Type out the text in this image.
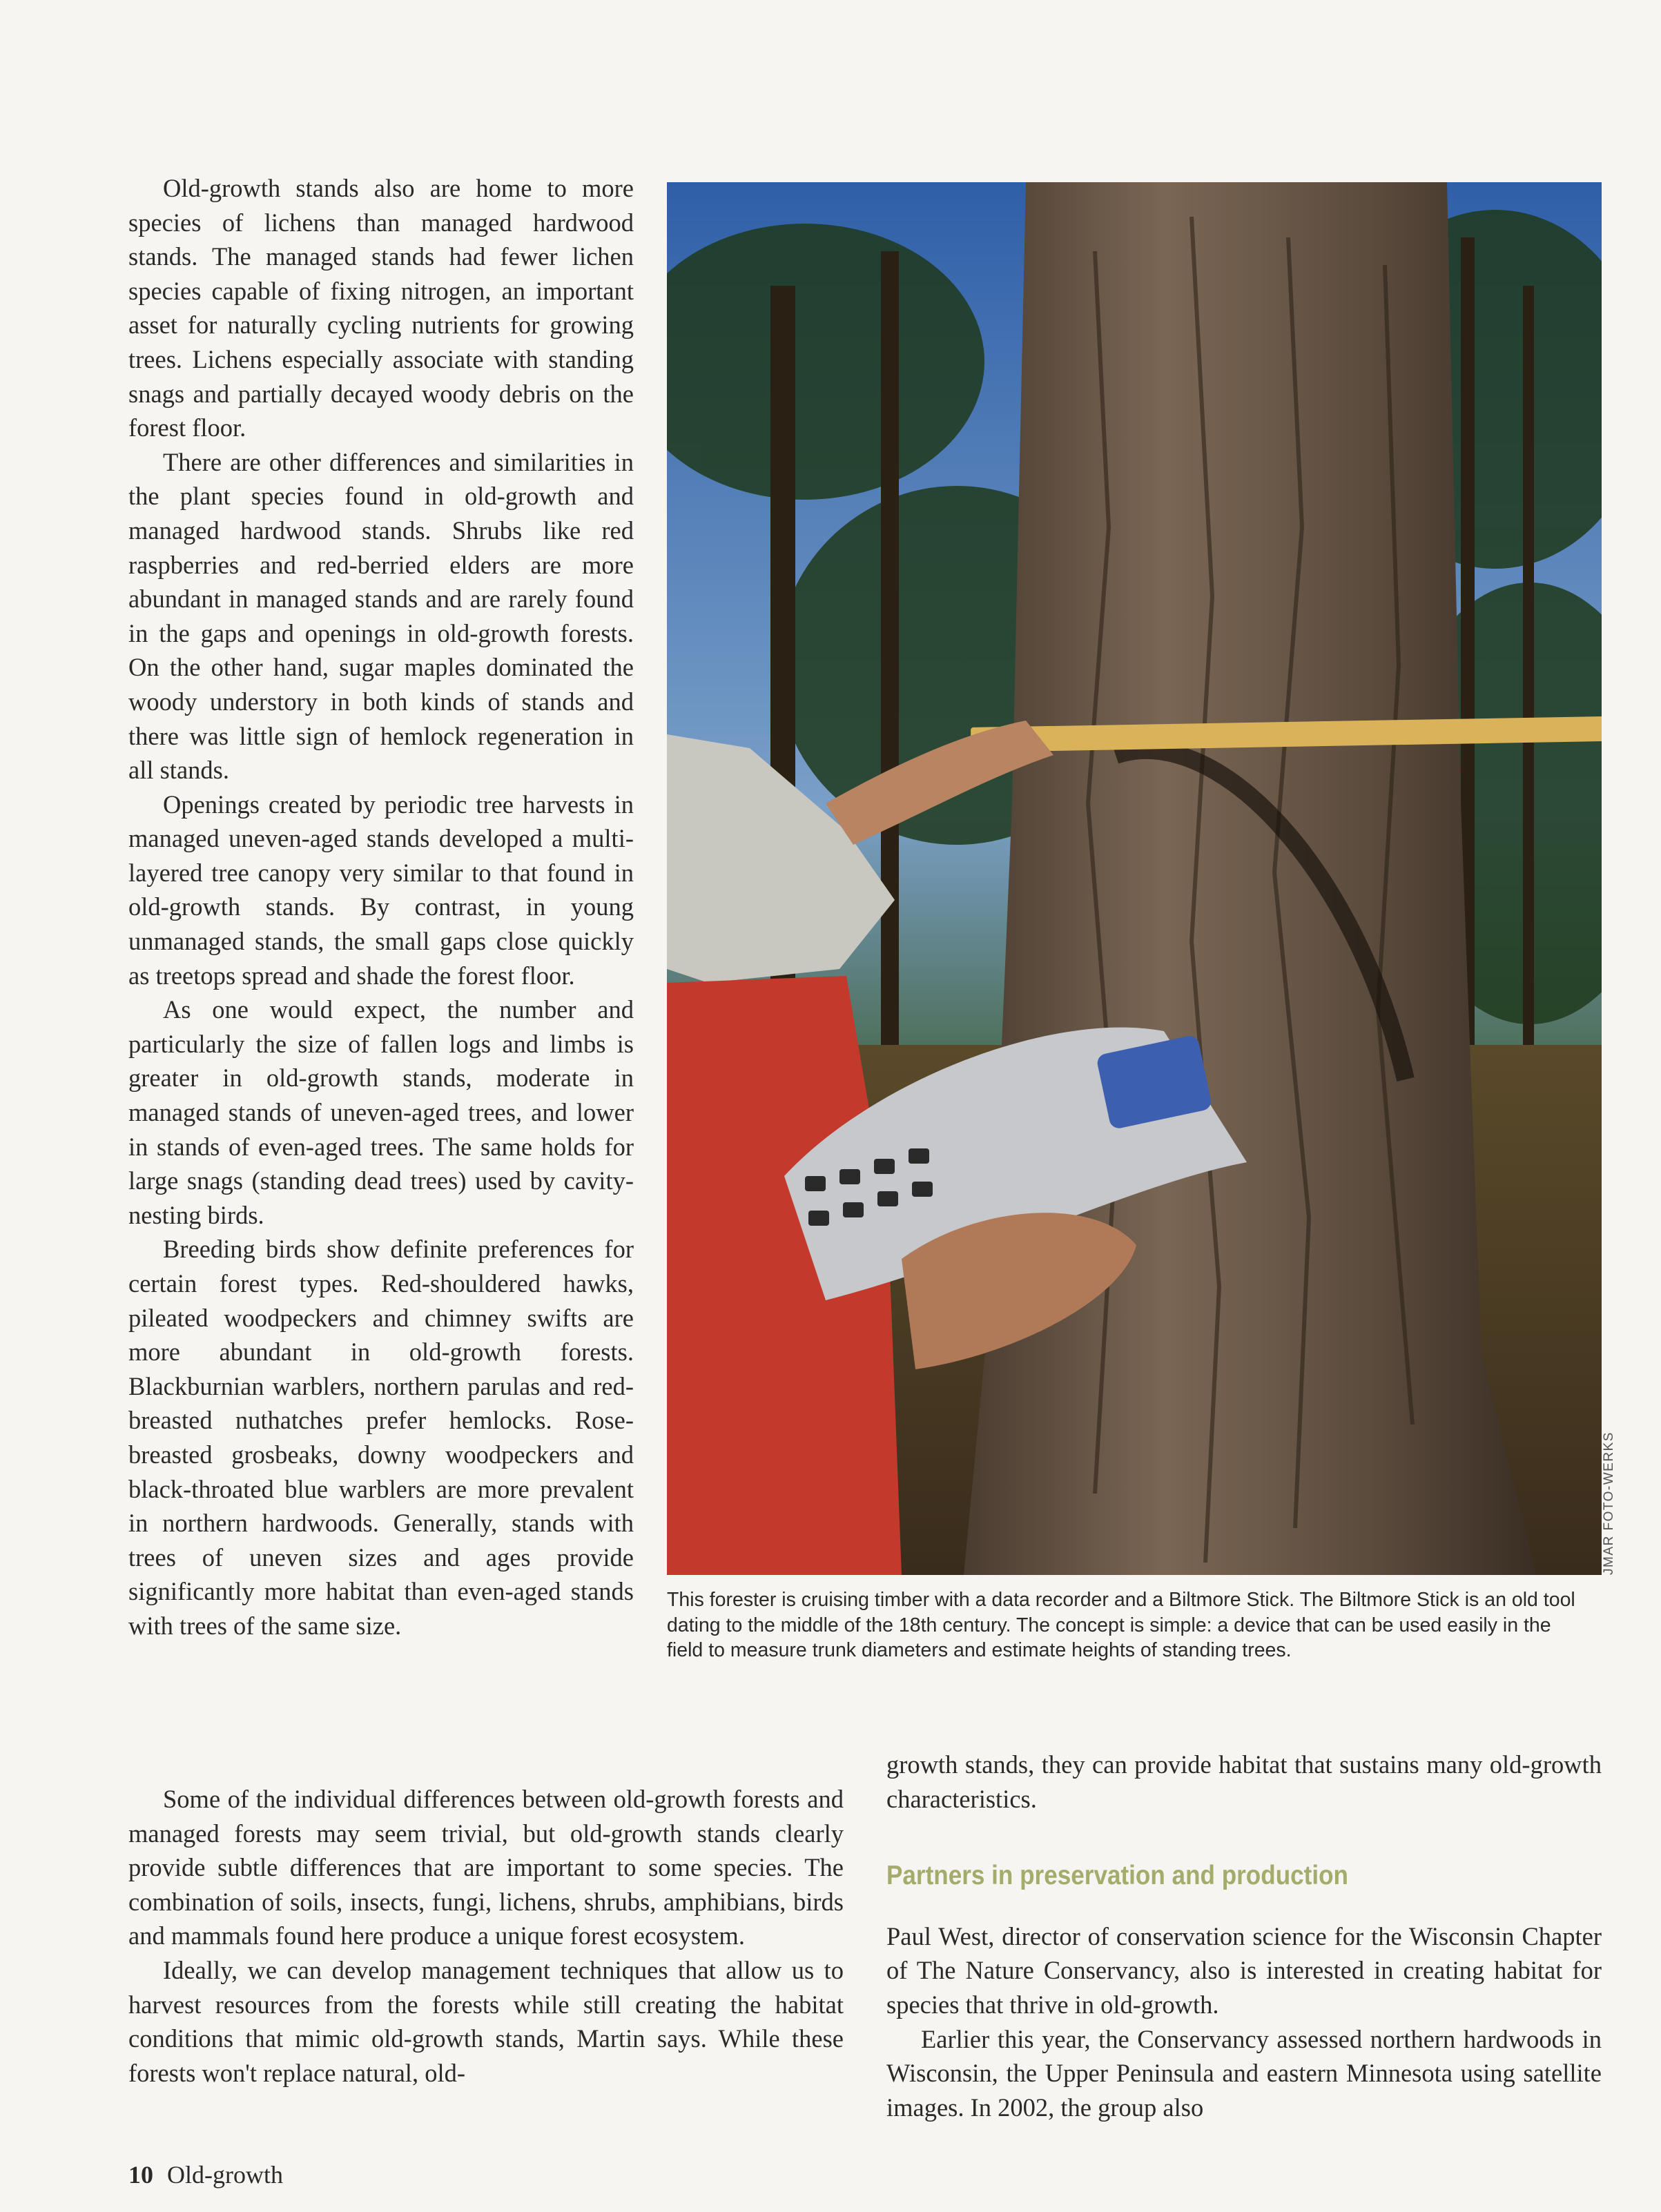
Old-growth stands also are home to more species of lichens than managed hardwood stands. The managed stands had fewer lichen species capable of fixing nitrogen, an important asset for naturally cycling nutrients for growing trees. Lichens especially associate with standing snags and partially decayed woody debris on the forest floor.

There are other differences and similarities in the plant species found in old-growth and managed hardwood stands. Shrubs like red raspberries and red-berried elders are more abundant in managed stands and are rarely found in the gaps and openings in old-growth forests. On the other hand, sugar maples dominated the woody understory in both kinds of stands and there was little sign of hemlock regeneration in all stands.

Openings created by periodic tree harvests in managed uneven-aged stands developed a multi-layered tree canopy very similar to that found in old-growth stands. By contrast, in young unmanaged stands, the small gaps close quickly as treetops spread and shade the forest floor.

As one would expect, the number and particularly the size of fallen logs and limbs is greater in old-growth stands, moderate in managed stands of uneven-aged trees, and lower in stands of even-aged trees. The same holds for large snags (standing dead trees) used by cavity-nesting birds.

Breeding birds show definite preferences for certain forest types. Red-shouldered hawks, pileated woodpeckers and chimney swifts are more abundant in old-growth forests. Blackburnian warblers, northern parulas and red-breasted nuthatches prefer hemlocks. Rose-breasted grosbeaks, downy woodpeckers and black-throated blue warblers are more prevalent in northern hardwoods. Generally, stands with trees of uneven sizes and ages provide significantly more habitat than even-aged stands with trees of the same size.

JMAR FOTO-WERKS
This forester is cruising timber with a data recorder and a Biltmore Stick. The Biltmore Stick is an old tool dating to the middle of the 18th century. The concept is simple: a device that can be used easily in the field to measure trunk diameters and estimate heights of standing trees.

Some of the individual differences between old-growth forests and managed forests may seem trivial, but old-growth stands clearly provide subtle differences that are important to some species. The combination of soils, insects, fungi, lichens, shrubs, amphibians, birds and mammals found here produce a unique forest ecosystem.

Ideally, we can develop management techniques that allow us to harvest resources from the forests while still creating the habitat conditions that mimic old-growth stands, Martin says. While these forests won't replace natural, old-

growth stands, they can provide habitat that sustains many old-growth characteristics.

Partners in preservation and production

Paul West, director of conservation science for the Wisconsin Chapter of The Nature Conservancy, also is interested in creating habitat for species that thrive in old-growth.

Earlier this year, the Conservancy assessed northern hardwoods in Wisconsin, the Upper Peninsula and eastern Minnesota using satellite images. In 2002, the group also

10 Old-growth
